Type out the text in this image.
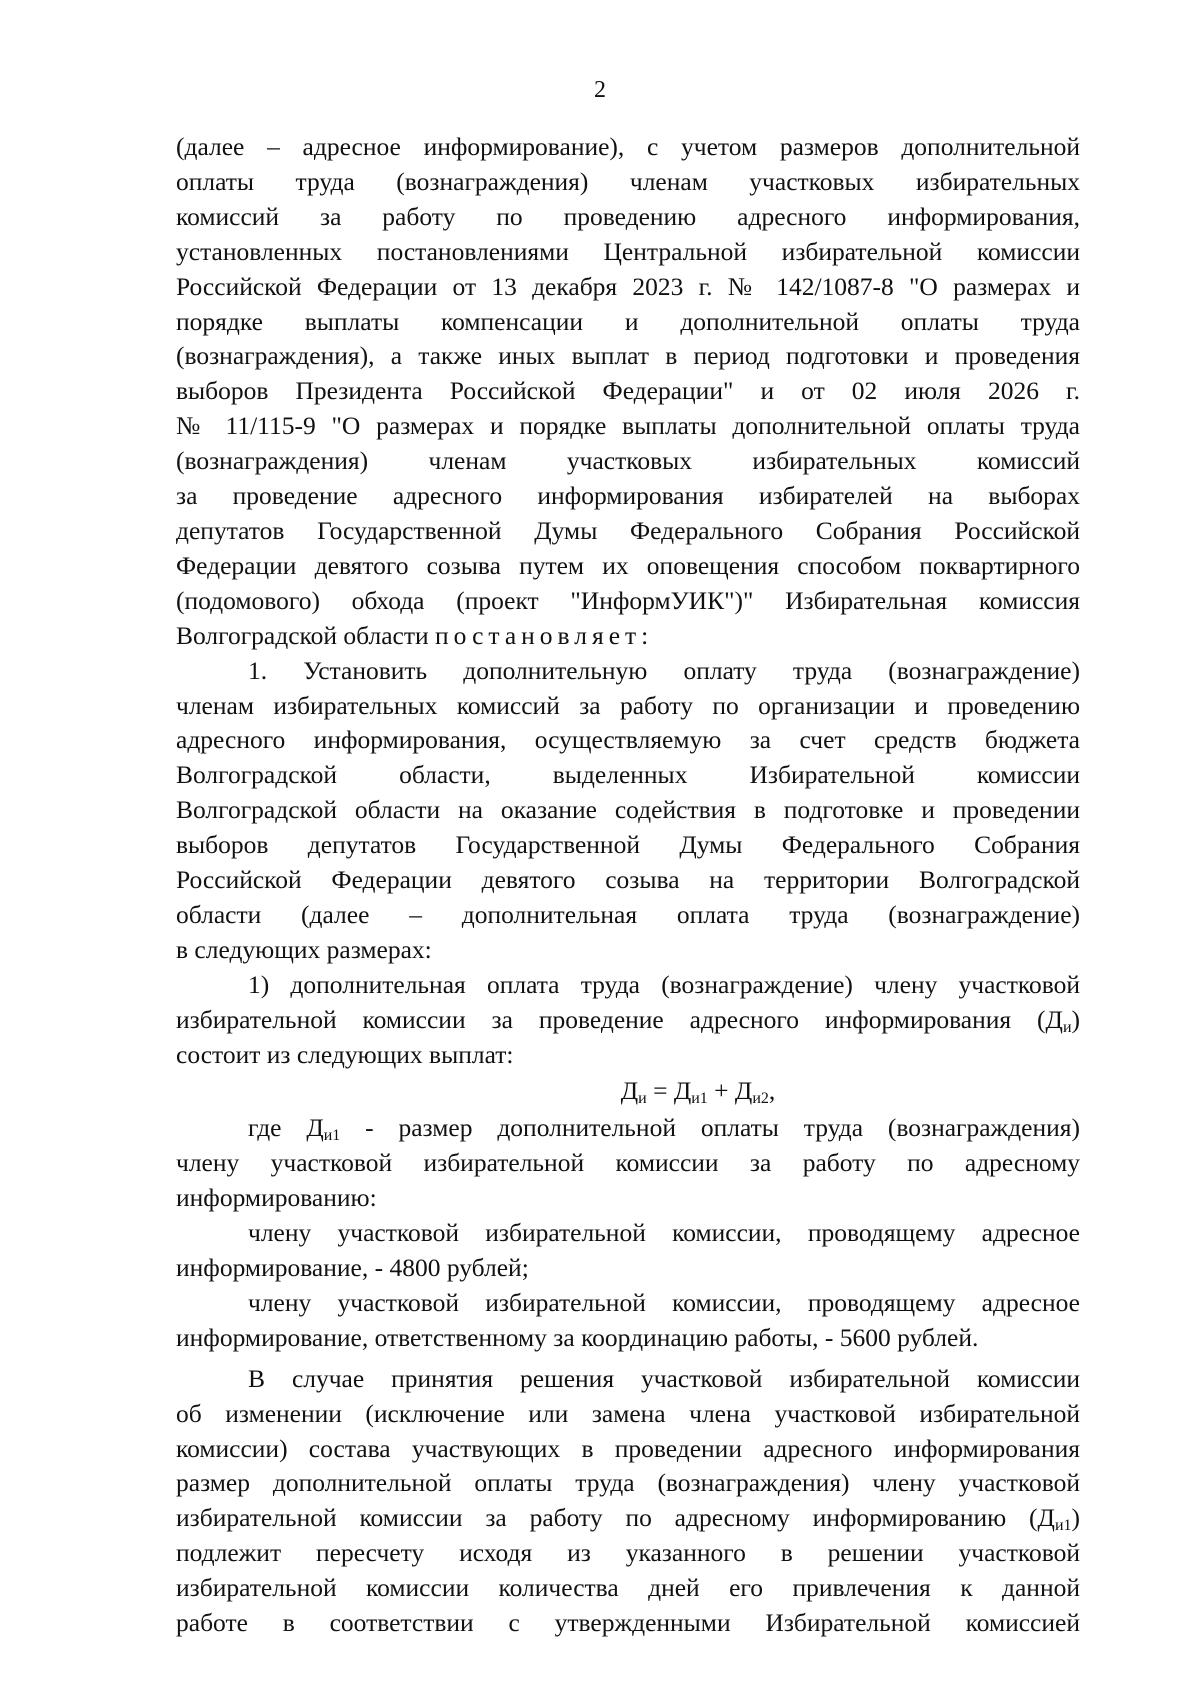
2

(далее – адресное информирование), с учетом размеров дополнительной

оплаты труда (вознаграждения) членам участковых избирательных

комиссий за работу по проведению адресного информирования,

установленных постановлениями Центральной избирательной комиссии

Российской Федерации от 13 декабря 2023 г. № 142/1087-8 "О размерах и

порядке выплаты компенсации и дополнительной оплаты труда

(вознаграждения), а также иных выплат в период подготовки и проведения

выборов Президента Российской Федерации" и от 02 июля 2026 г.

№ 11/115-9 "О размерах и порядке выплаты дополнительной оплаты труда

(вознаграждения) членам участковых избирательных комиссий

за проведение адресного информирования избирателей на выборах

депутатов Государственной Думы Федерального Собрания Российской

Федерации девятого созыва путем их оповещения способом поквартирного

(подомового) обхода (проект "ИнформУИК")" Избирательная комиссия

Волгоградской области постановляет:

1. Установить дополнительную оплату труда (вознаграждение)

членам избирательных комиссий за работу по организации и проведению

адресного информирования, осуществляемую за счет средств бюджета

Волгоградской области, выделенных Избирательной комиссии

Волгоградской области на оказание содействия в подготовке и проведении

выборов депутатов Государственной Думы Федерального Собрания

Российской Федерации девятого созыва на территории Волгоградской

области (далее – дополнительная оплата труда (вознаграждение)

в следующих размерах:

1) дополнительная оплата труда (вознаграждение) члену участковой

избирательной комиссии за проведение адресного информирования $(Д_и)$

состоит из следующих выплат:

$Д_и = Д_{и1} + Д_{и2}$,

где $Д_{и1}$ - размер дополнительной оплаты труда (вознаграждения)

члену участковой избирательной комиссии за работу по адресному

информированию:

члену участковой избирательной комиссии, проводящему адресное

информирование, - 4800 рублей;

члену участковой избирательной комиссии, проводящему адресное

информирование, ответственному за координацию работы, - 5600 рублей.

В случае принятия решения участковой избирательной комиссии

об изменении (исключение или замена члена участковой избирательной

комиссии) состава участвующих в проведении адресного информирования

размер дополнительной оплаты труда (вознаграждения) члену участковой

избирательной комиссии за работу по адресному информированию $(Д_{и1})$

подлежит пересчету исходя из указанного в решении участковой

избирательной комиссии количества дней его привлечения к данной

работе в соответствии с утвержденными Избирательной комиссией
